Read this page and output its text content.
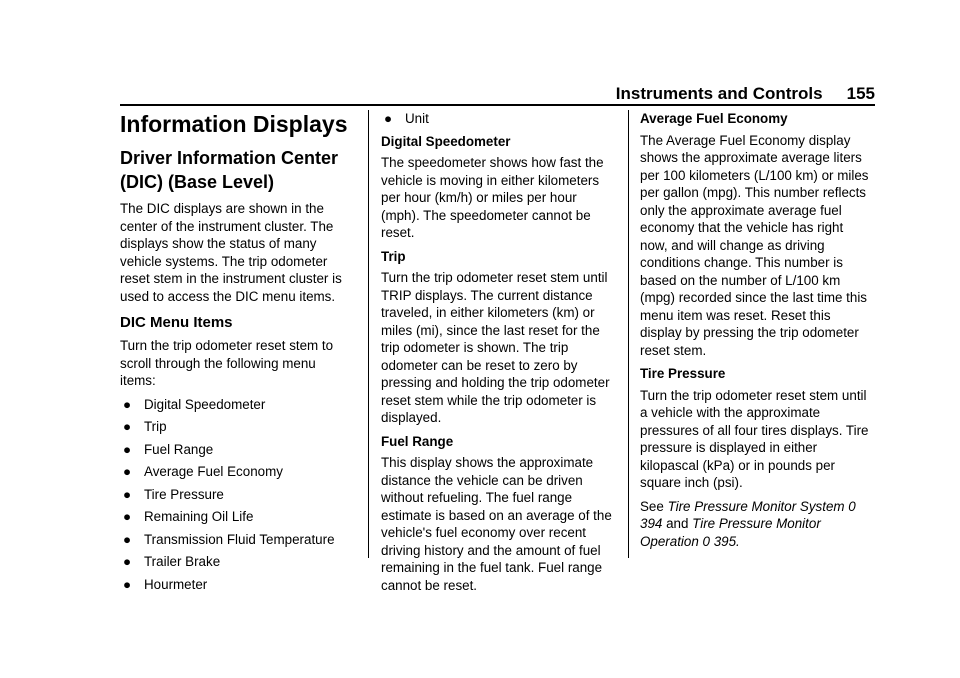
Instruments and Controls 155
Information Displays
Driver Information Center (DIC) (Base Level)

The DIC displays are shown in the center of the instrument cluster. The displays show the status of many vehicle systems. The trip odometer reset stem in the instrument cluster is used to access the DIC menu items.

DIC Menu Items

Turn the trip odometer reset stem to scroll through the following menu items:

● Digital Speedometer
● Trip
● Fuel Range
● Average Fuel Economy
● Tire Pressure
● Remaining Oil Life
● Transmission Fluid Temperature
● Trailer Brake
● Hourmeter
● Unit
Digital Speedometer

The speedometer shows how fast the vehicle is moving in either kilometers per hour (km/h) or miles per hour (mph). The speedometer cannot be reset.

Trip

Turn the trip odometer reset stem until TRIP displays. The current distance traveled, in either kilometers (km) or miles (mi), since the last reset for the trip odometer is shown. The trip odometer can be reset to zero by pressing and holding the trip odometer reset stem while the trip odometer is displayed.

Fuel Range

This display shows the approximate distance the vehicle can be driven without refueling. The fuel range estimate is based on an average of the vehicle's fuel economy over recent driving history and the amount of fuel remaining in the fuel tank. Fuel range cannot be reset.

Average Fuel Economy

The Average Fuel Economy display shows the approximate average liters per 100 kilometers (L/100 km) or miles per gallon (mpg). This number reflects only the approximate average fuel economy that the vehicle has right now, and will change as driving conditions change. This number is based on the number of L/100 km (mpg) recorded since the last time this menu item was reset. Reset this display by pressing the trip odometer reset stem.

Tire Pressure

Turn the trip odometer reset stem until a vehicle with the approximate pressures of all four tires displays. Tire pressure is displayed in either kilopascal (kPa) or in pounds per square inch (psi).

See Tire Pressure Monitor System 0 394 and Tire Pressure Monitor Operation 0 395.
